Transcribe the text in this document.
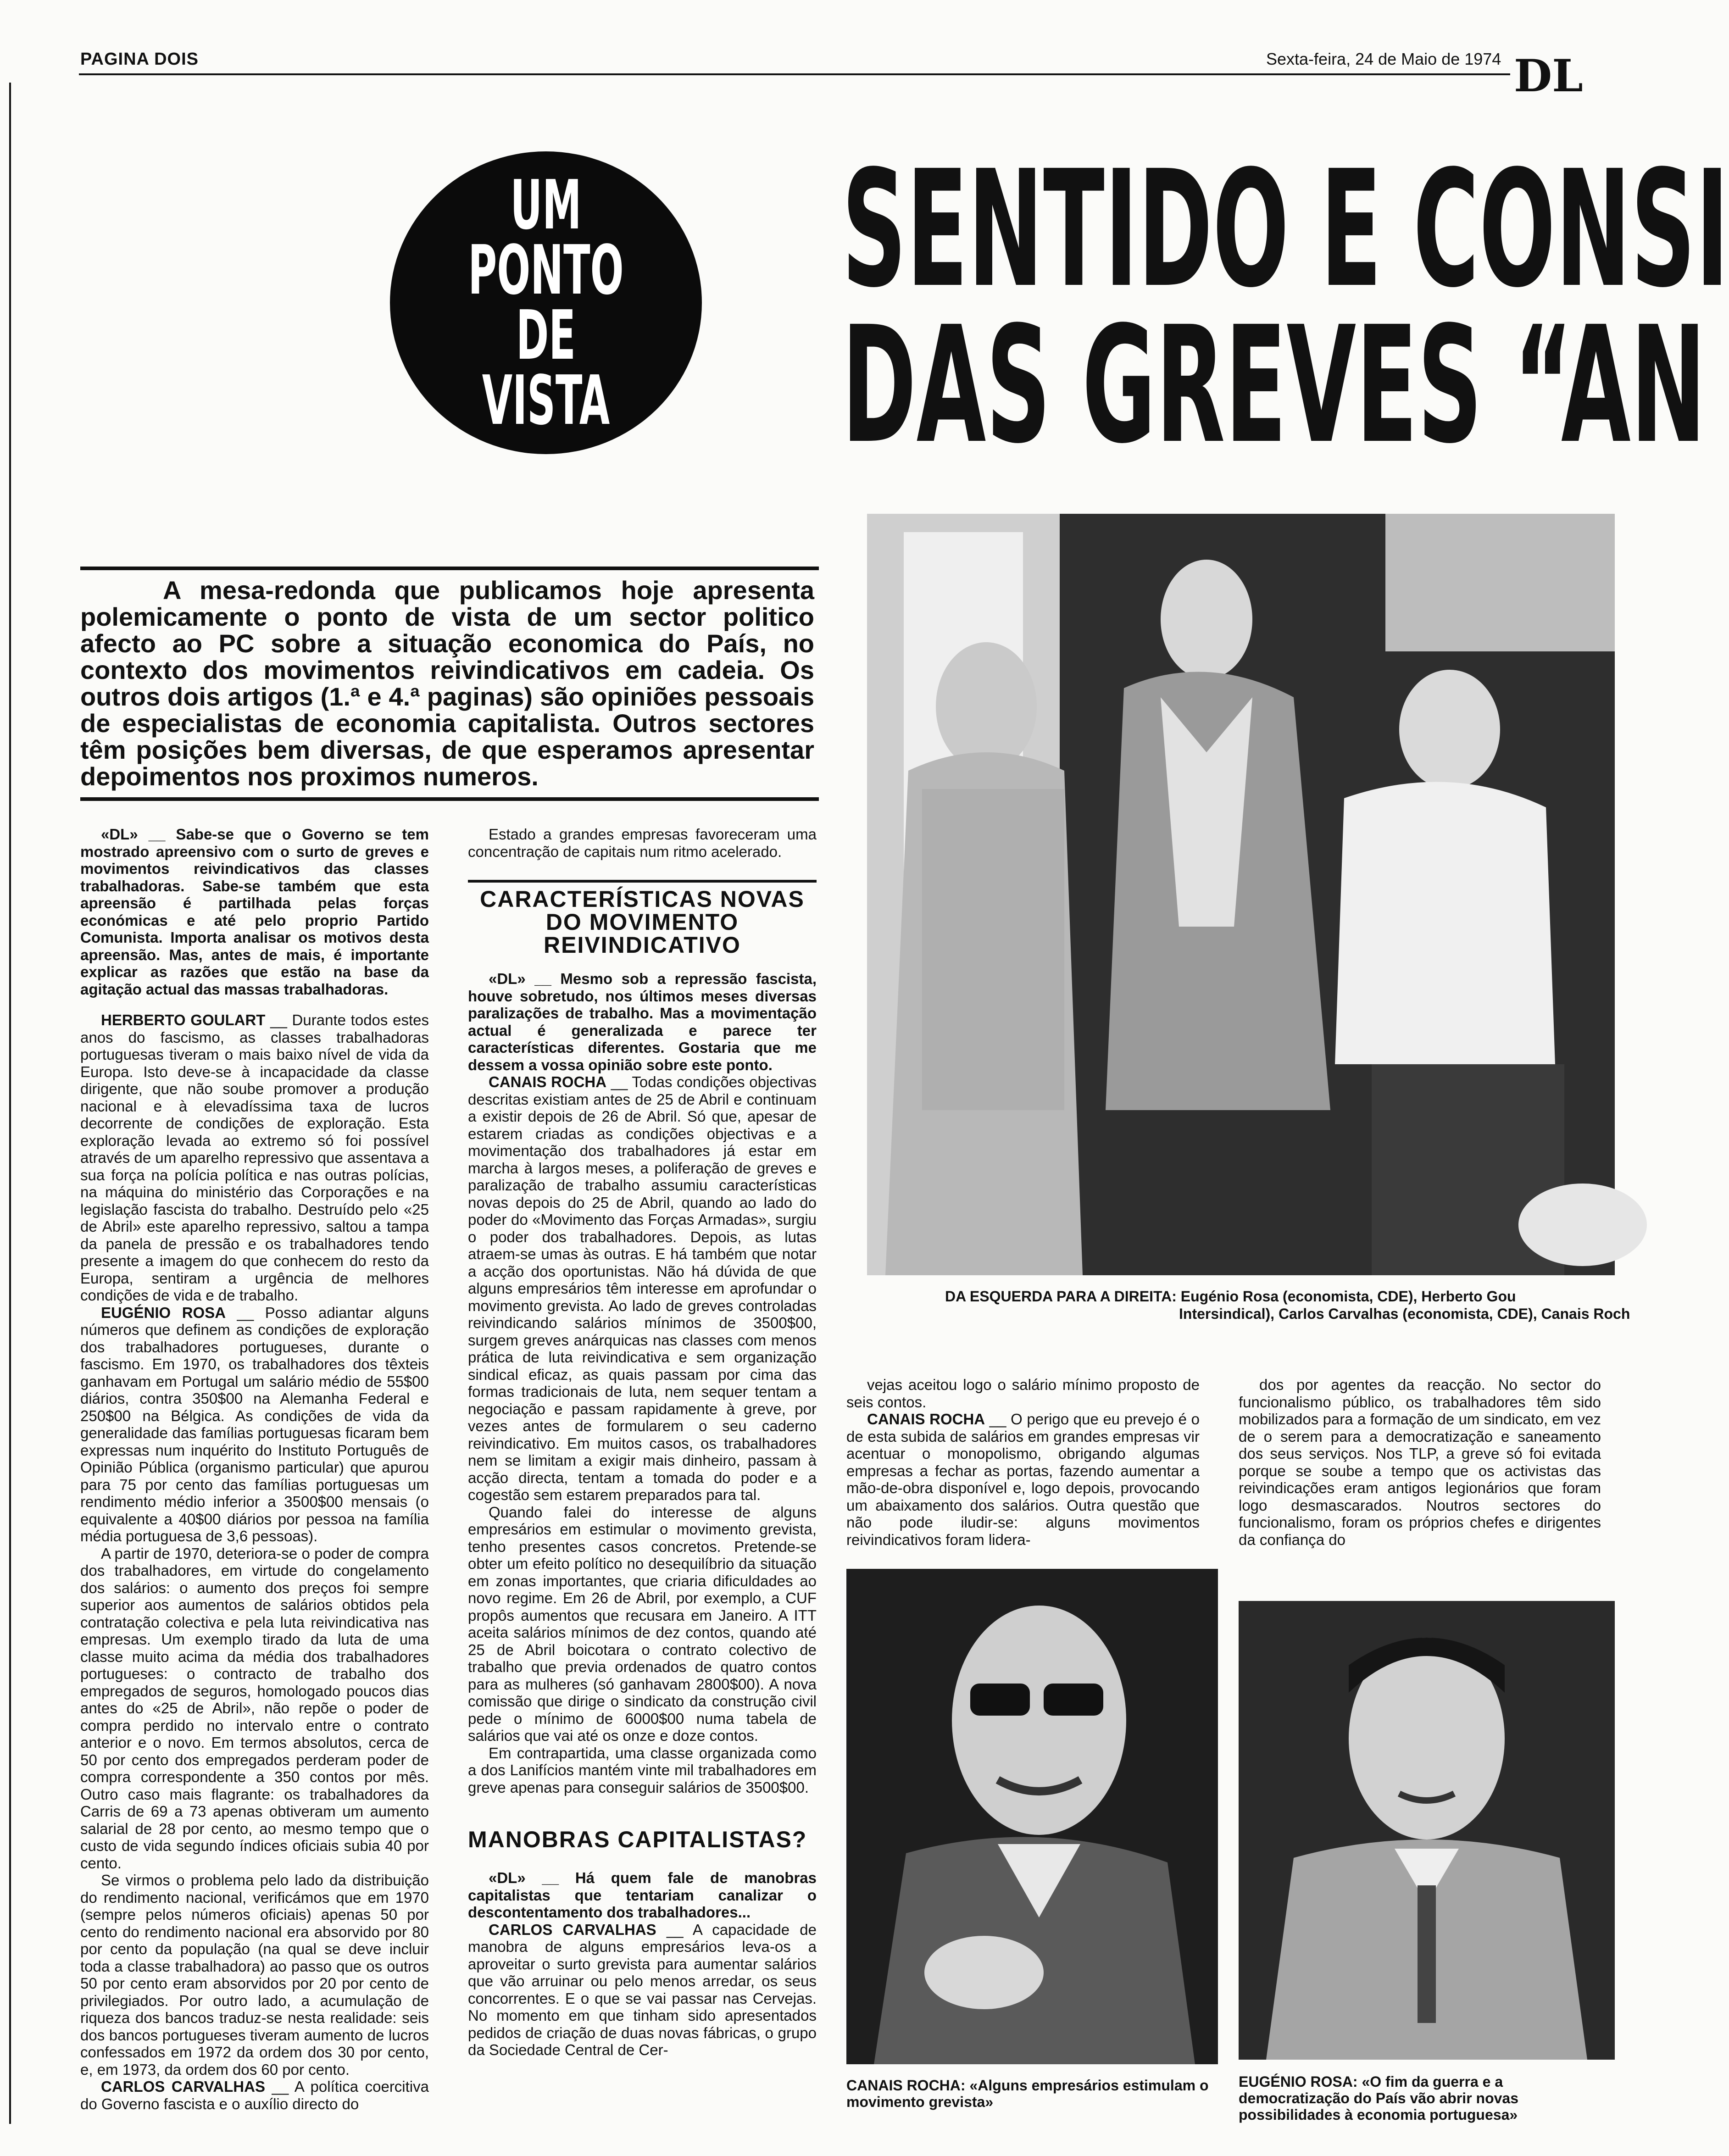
PAGINA DOIS	Sexta-feira, 24 de Maio de 1974 DL
UM
PONTO
DE VISTA
SENTIDO E CONSI
DAS GREVES “AN
A mesa-redonda que publicamos hoje apresenta polemicamente o ponto de vista de um sector politico afecto ao PC sobre a situação economica do País, no contexto dos movimentos reivindicativos em cadeia. Os outros dois artigos (1.ª e 4.ª paginas) são opiniões pessoais de especialistas de economia capitalista. Outros sectores têm posições bem diversas, de que esperamos apresentar depoimentos nos proximos numeros.
DA ESQUERDA PARA A DIREITA: Eugénio Rosa (economista, CDE), Herberto Gou
Intersindical), Carlos Carvalhas (economista, CDE), Canais Roch

«DL» __ Sabe-se que o Governo se tem mostrado apreensivo com o surto de greves e movimentos reivindicativos das classes trabalhadoras. Sabe-se também que esta apreensão é partilhada pelas forças económicas e até pelo proprio Partido Comunista. Importa analisar os motivos desta apreensão. Mas, antes de mais, é importante explicar as razões que estão na base da agitação actual das massas trabalhadoras.

HERBERTO GOULART __ Durante todos estes anos do fascismo, as classes trabalhadoras portuguesas tiveram o mais baixo nível de vida da Europa. Isto deve-se à incapacidade da classe dirigente, que não soube promover a produção nacional e à elevadíssima taxa de lucros decorrente de condições de exploração. Esta exploração levada ao extremo só foi possível através de um aparelho repressivo que assentava a sua força na polícia política e nas outras polícias, na máquina do ministério das Corporações e na legislação fascista do trabalho. Destruído pelo «25 de Abril» este aparelho repressivo, saltou a tampa da panela de pressão e os trabalhadores tendo presente a imagem do que conhecem do resto da Europa, sentiram a urgência de melhores condições de vida e de trabalho.

EUGÉNIO ROSA __ Posso adiantar alguns números que definem as condições de exploração dos trabalhadores portugueses, durante o fascismo. Em 1970, os trabalhadores dos têxteis ganhavam em Portugal um salário médio de 55$00 diários, contra 350$00 na Alemanha Federal e 250$00 na Bélgica. As condições de vida da generalidade das famílias portuguesas ficaram bem expressas num inquérito do Instituto Português de Opinião Pública (organismo particular) que apurou para 75 por cento das famílias portuguesas um rendimento médio inferior a 3500$00 mensais (o equivalente a 40$00 diários por pessoa na família média portuguesa de 3,6 pessoas).

A partir de 1970, deteriora-se o poder de compra dos trabalhadores, em virtude do congelamento dos salários: o aumento dos preços foi sempre superior aos aumentos de salários obtidos pela contratação colectiva e pela luta reivindicativa nas empresas. Um exemplo tirado da luta de uma classe muito acima da média dos trabalhadores portugueses: o contracto de trabalho dos empregados de seguros, homologado poucos dias antes do «25 de Abril», não repõe o poder de compra perdido no intervalo entre o contrato anterior e o novo. Em termos absolutos, cerca de 50 por cento dos empregados perderam poder de compra correspondente a 350 contos por mês. Outro caso mais flagrante: os trabalhadores da Carris de 69 a 73 apenas obtiveram um aumento salarial de 28 por cento, ao mesmo tempo que o custo de vida segundo índices oficiais subia 40 por cento.

Se virmos o problema pelo lado da distribuição do rendimento nacional, verificámos que em 1970 (sempre pelos números oficiais) apenas 50 por cento do rendimento nacional era absorvido por 80 por cento da população (na qual se deve incluir toda a classe trabalhadora) ao passo que os outros 50 por cento eram absorvidos por 20 por cento de privilegiados. Por outro lado, a acumulação de riqueza dos bancos traduz-se nesta realidade: seis dos bancos portugueses tiveram aumento de lucros confessados em 1972 da ordem dos 30 por cento, e, em 1973, da ordem dos 60 por cento.

CARLOS CARVALHAS __ A política coercitiva do Governo fascista e o auxílio directo do

Estado a grandes empresas favoreceram uma concentração de capitais num ritmo acelerado.

CARACTERÍSTICAS NOVAS DO MOVIMENTO REIVINDICATIVO

«DL» __ Mesmo sob a repressão fascista, houve sobretudo, nos últimos meses diversas paralizações de trabalho. Mas a movimentação actual é generalizada e parece ter características diferentes. Gostaria que me dessem a vossa opinião sobre este ponto.

CANAIS ROCHA __ Todas condições objectivas descritas existiam antes de 25 de Abril e continuam a existir depois de 26 de Abril. Só que, apesar de estarem criadas as condições objectivas e a movimentação dos trabalhadores já estar em marcha à largos meses, a poliferação de greves e paralização de trabalho assumiu características novas depois do 25 de Abril, quando ao lado do poder do «Movimento das Forças Armadas», surgiu o poder dos trabalhadores. Depois, as lutas atraem-se umas às outras. E há também que notar a acção dos oportunistas. Não há dúvida de que alguns empresários têm interesse em aprofundar o movimento grevista. Ao lado de greves controladas reivindicando salários mínimos de 3500$00, surgem greves anárquicas nas classes com menos prática de luta reivindicativa e sem organização sindical eficaz, as quais passam por cima das formas tradicionais de luta, nem sequer tentam a negociação e passam rapidamente à greve, por vezes antes de formularem o seu caderno reivindicativo. Em muitos casos, os trabalhadores nem se limitam a exigir mais dinheiro, passam à acção directa, tentam a tomada do poder e a cogestão sem estarem preparados para tal.

Quando falei do interesse de alguns empresários em estimular o movimento grevista, tenho presentes casos concretos. Pretende-se obter um efeito político no desequilíbrio da situação em zonas importantes, que criaria dificuldades ao novo regime. Em 26 de Abril, por exemplo, a CUF propôs aumentos que recusara em Janeiro. A ITT aceita salários mínimos de dez contos, quando até 25 de Abril boicotara o contrato colectivo de trabalho que previa ordenados de quatro contos para as mulheres (só ganhavam 2800$00). A nova comissão que dirige o sindicato da construção civil pede o mínimo de 6000$00 numa tabela de salários que vai até os onze e doze contos.

Em contrapartida, uma classe organizada como a dos Lanifícios mantém vinte mil trabalhadores em greve apenas para conseguir salários de 3500$00.

MANOBRAS CAPITALISTAS?

«DL» __ Há quem fale de manobras capitalistas que tentariam canalizar o descontentamento dos trabalhadores...

CARLOS CARVALHAS __ A capacidade de manobra de alguns empresários leva-os a aproveitar o surto grevista para aumentar salários que vão arruinar ou pelo menos arredar, os seus concorrentes. E o que se vai passar nas Cervejas. No momento em que tinham sido apresentados pedidos de criação de duas novas fábricas, o grupo da Sociedade Central de Cer-

vejas aceitou logo o salário mínimo proposto de seis contos.

CANAIS ROCHA __ O perigo que eu prevejo é o de esta subida de salários em grandes empresas vir acentuar o monopolismo, obrigando algumas empresas a fechar as portas, fazendo aumentar a mão-de-obra disponível e, logo depois, provocando um abaixamento dos salários. Outra questão que não pode iludir-se: alguns movimentos reivindicativos foram lidera-

dos por agentes da reacção. No sector do funcionalismo público, os trabalhadores têm sido mobilizados para a formação de um sindicato, em vez de o serem para a democratização e saneamento dos seus serviços. Nos TLP, a greve só foi evitada porque se soube a tempo que os activistas das reivindicações eram antigos legionários que foram logo desmascarados. Noutros sectores do funcionalismo, foram os próprios chefes e dirigentes da confiança do

CANAIS ROCHA: «Alguns empresários estimulam o movimento grevista»
EUGÉNIO ROSA: «O fim da guerra e a democratização do País vão abrir novas possibilidades à economia portuguesa»
